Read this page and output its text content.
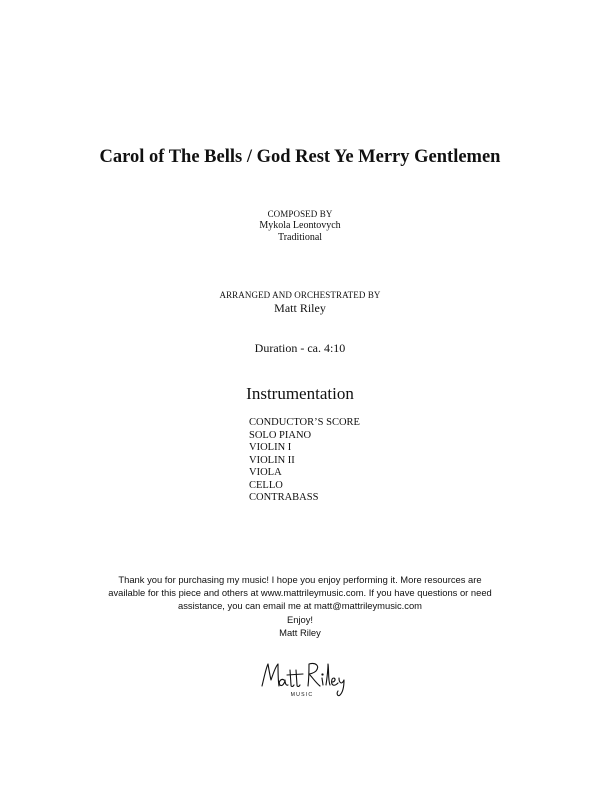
Carol of The Bells / God Rest Ye Merry Gentlemen
COMPOSED BY
Mykola Leontovych
Traditional
ARRANGED AND ORCHESTRATED BY
Matt Riley
Duration - ca. 4:10
Instrumentation
CONDUCTOR’S SCORE
SOLO PIANO
VIOLIN I
VIOLIN II
VIOLA
CELLO
CONTRABASS
Thank you for purchasing my music! I hope you enjoy performing it. More resources are
available for this piece and others at www.mattrileymusic.com. If you have questions or need
assistance, you can email me at matt@mattrileymusic.com
Enjoy!
Matt Riley
MUSIC
